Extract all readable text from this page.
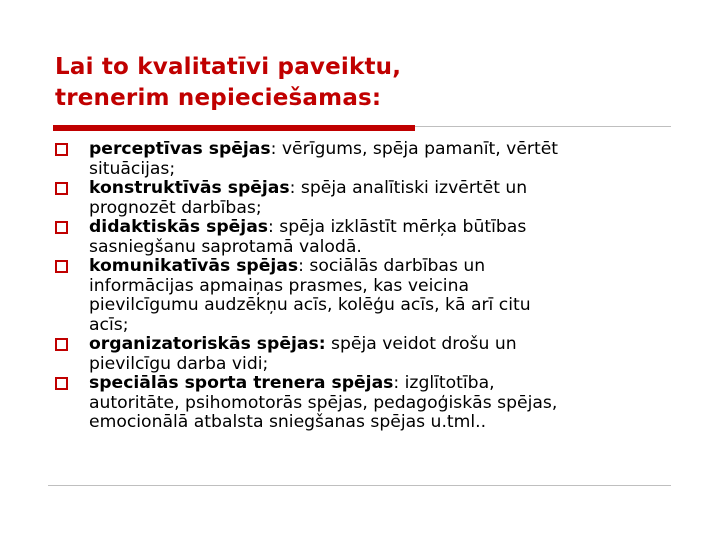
Lai to kvalitatīvi paveiktu,
trenerim nepieciešamas:
perceptīvas spējas: vērīgums, spēja pamanīt, vērtēt
situācijas;
konstruktīvās spējas: spēja analītiski izvērtēt un
prognozēt darbības;
didaktiskās spējas: spēja izklāstīt mērķa būtības
sasniegšanu saprotamā valodā.
komunikatīvās spējas: sociālās darbības un
informācijas apmaiņas prasmes, kas veicina
pievilcīgumu audzēkņu acīs, kolēģu acīs, kā arī citu
acīs;
organizatoriskās spējas: spēja veidot drošu un
pievilcīgu darba vidi;
speciālās sporta trenera spējas: izglītotība,
autoritāte, psihomotorās spējas, pedagoģiskās spējas,
emocionālā atbalsta sniegšanas spējas u.tml..
